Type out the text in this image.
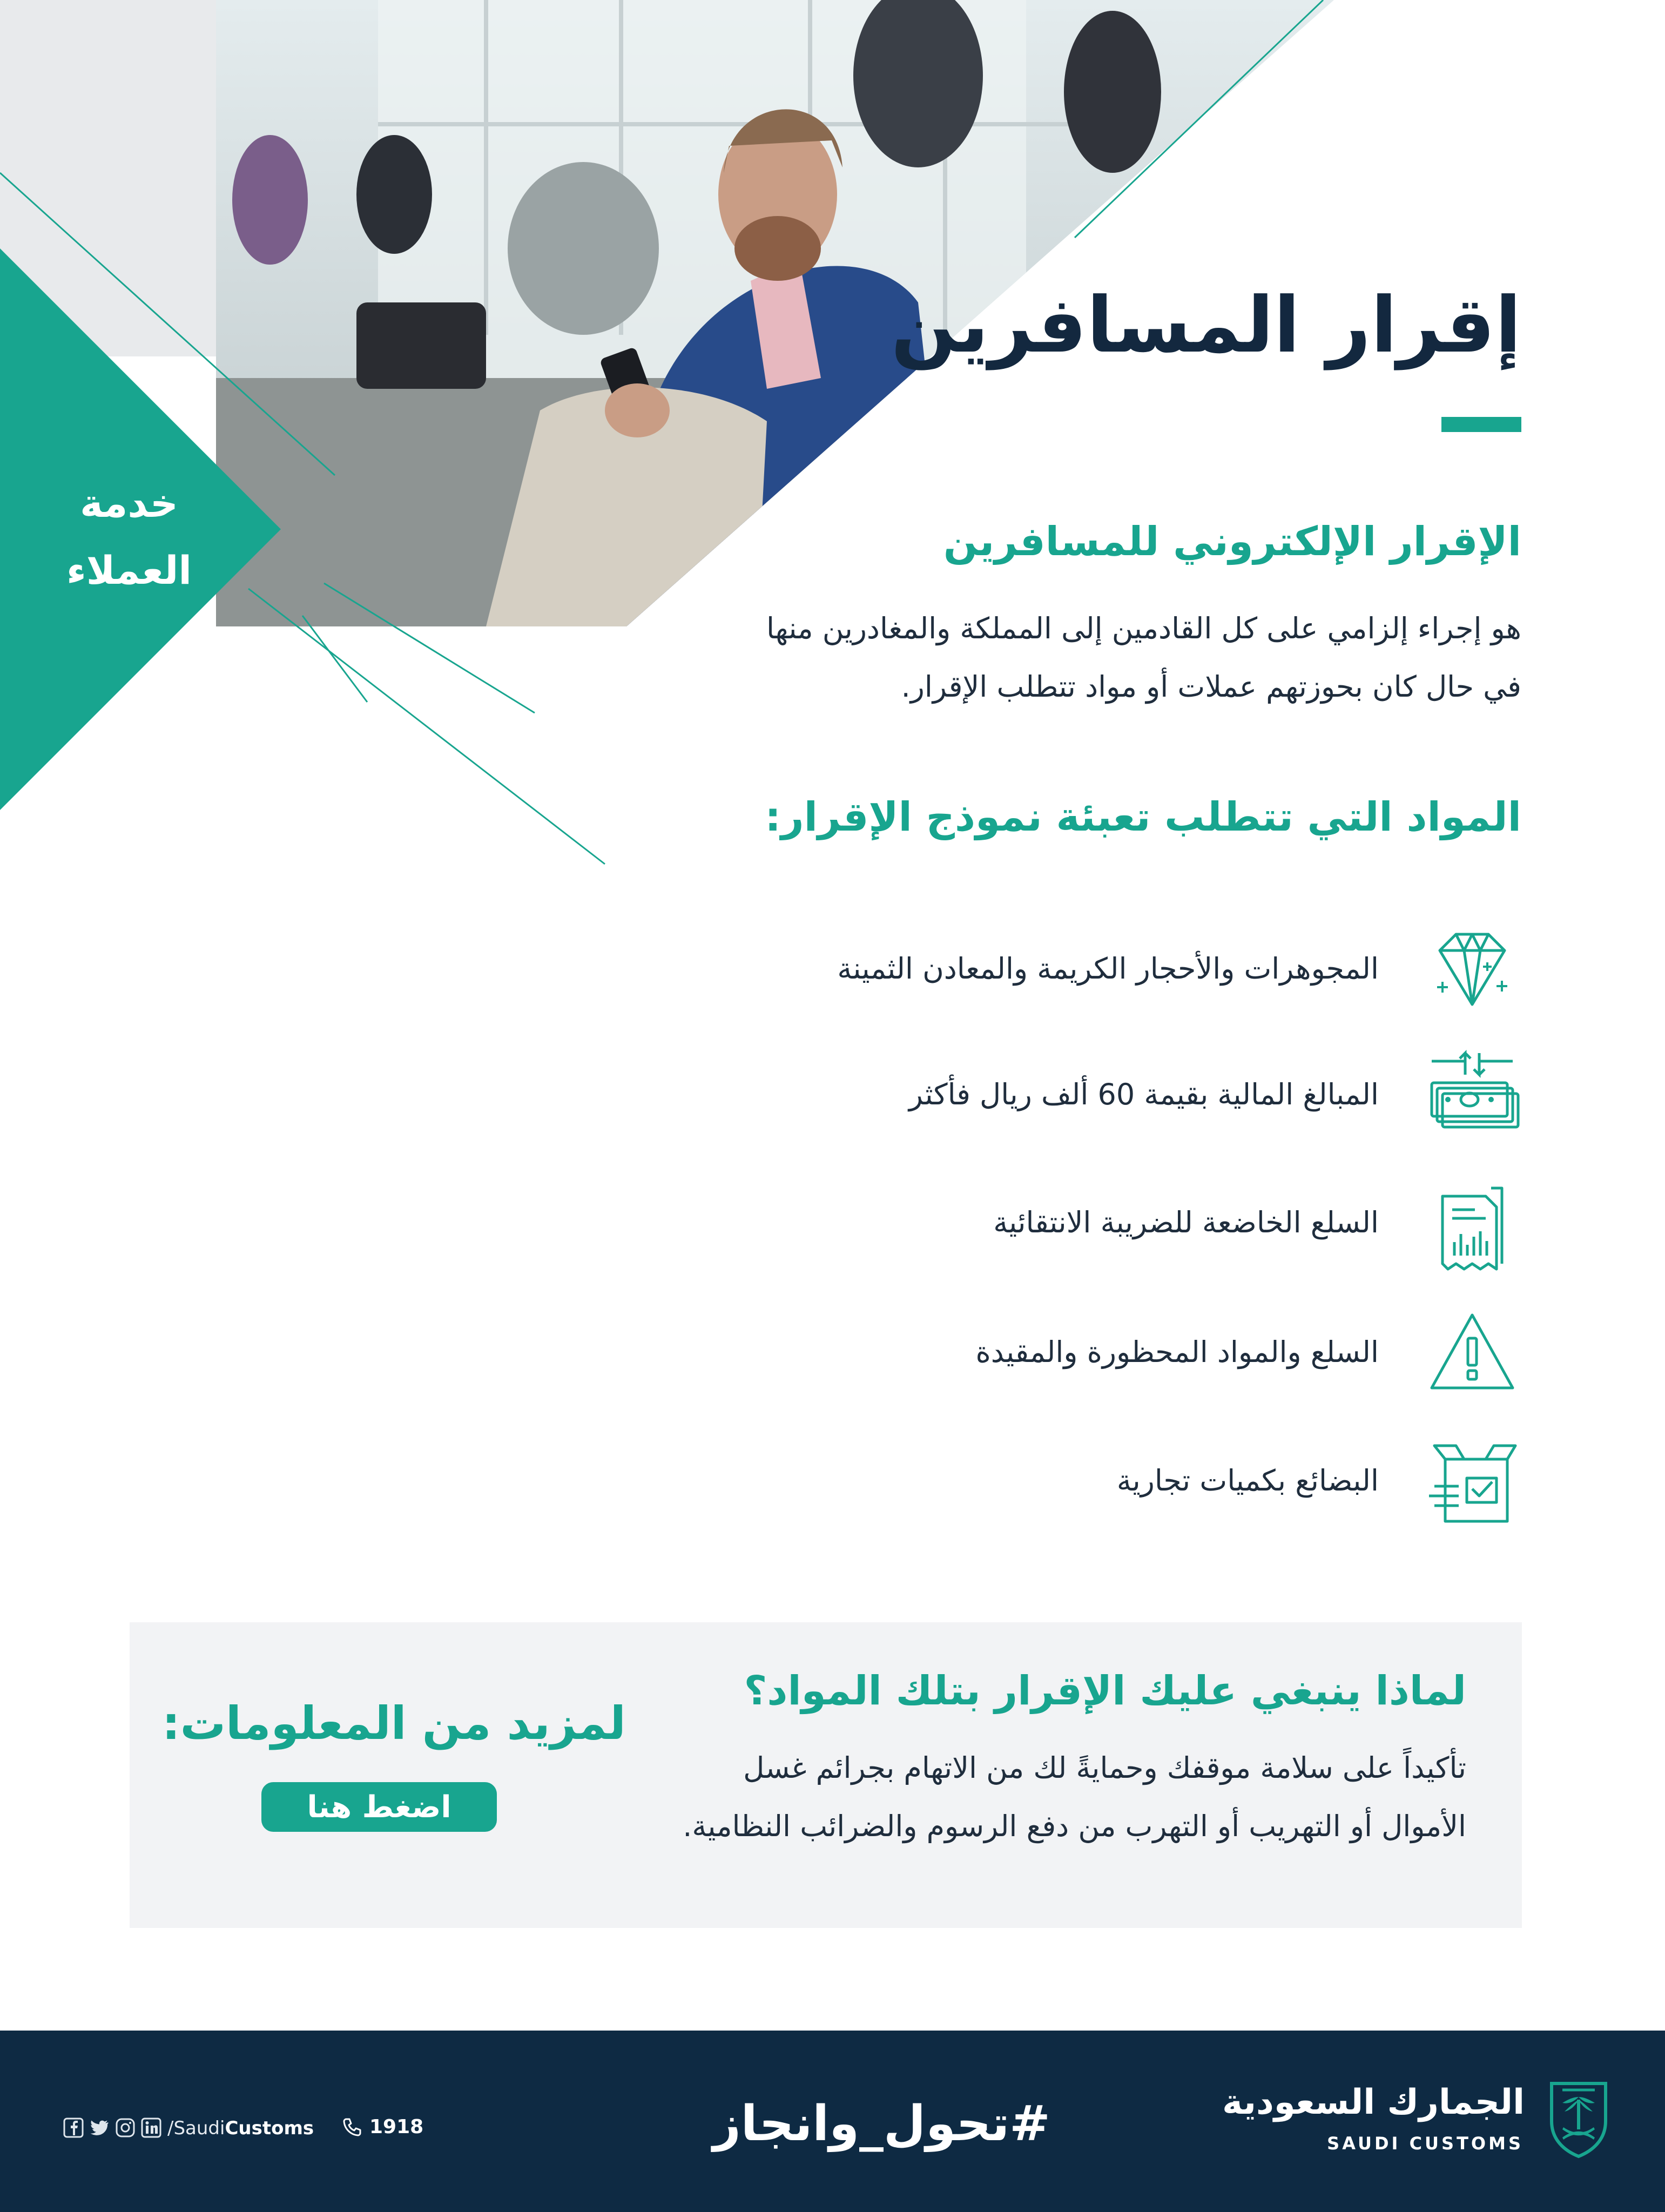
خدمة
العملاء
إقرار المسافرين
الإقرار الإلكتروني للمسافرين
هو إجراء إلزامي على كل القادمين إلى المملكة والمغادرين منها
في حال كان بحوزتهم عملات أو مواد تتطلب الإقرار.
المواد التي تتطلب تعبئة نموذج الإقرار:
المجوهرات والأحجار الكريمة والمعادن الثمينة
المبالغ المالية بقيمة 60 ألف ريال فأكثر
السلع الخاضعة للضريبة الانتقائية
السلع والمواد المحظورة والمقيدة
البضائع بكميات تجارية
لماذا ينبغي عليك الإقرار بتلك المواد؟
تأكيداً على سلامة موقفك وحمايةً لك من الاتهام بجرائم غسل
الأموال أو التهريب أو التهرب من دفع الرسوم والضرائب النظامية.
لمزيد من المعلومات:
اضغط هنا
/SaudiCustoms	1918	#تحول_وانجاز	الجمارك السعودية
SAUDI CUSTOMS
